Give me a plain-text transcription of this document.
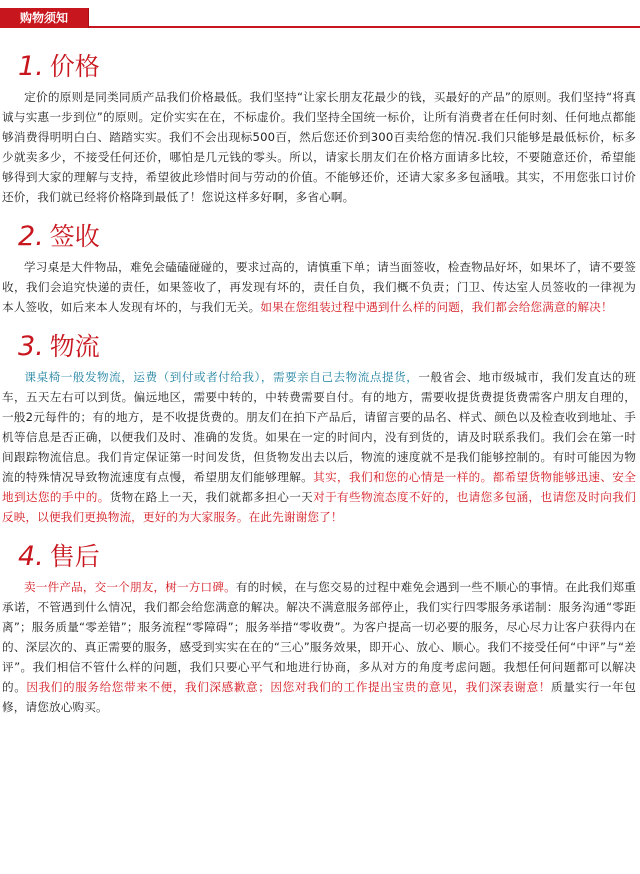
购物须知
1. 价格

定价的原则是同类同质产品我们价格最低。我们坚持“让家长朋友花最少的钱，买最好的产品”的原则。我们坚持“将真诚与实惠一步到位”的原则。定价实实在在，不标虚价。我们坚持全国统一标价，让所有消费者在任何时刻、任何地点都能够消费得明明白白、踏踏实实。我们不会出现标500百，然后您还价到300百卖给您的情况.我们只能够是最低标价，标多少就卖多少，不接受任何还价，哪怕是几元钱的零头。所以，请家长朋友们在价格方面请多比较，不要随意还价，希望能够得到大家的理解与支持，希望彼此珍惜时间与劳动的价值。不能够还价，还请大家多多包涵哦。其实，不用您张口讨价还价，我们就已经将价格降到最低了！您说这样多好啊，多省心啊。

2. 签收

学习桌是大件物品，难免会磕磕碰碰的，要求过高的，请慎重下单；请当面签收，检查物品好坏，如果坏了，请不要签收，我们会追究快递的责任，如果签收了，再发现有坏的，责任自负，我们概不负责；门卫、传达室人员签收的一律视为本人签收，如后来本人发现有坏的，与我们无关。如果在您组装过程中遇到什么样的问题，我们都会给您满意的解决！

3. 物流

课桌椅一般发物流，运费（到付或者付给我），需要亲自己去物流点提货，一般省会、地市级城市，我们发直达的班车，五天左右可以到货。偏远地区，需要中转的，中转费需要自付。有的地方，需要收提货费提货费需客户朋友自理的，一般2元每件的；有的地方，是不收提货费的。朋友们在拍下产品后，请留言要的品名、样式、颜色以及检查收到地址、手机等信息是否正确，以便我们及时、准确的发货。如果在一定的时间内，没有到货的，请及时联系我们。我们会在第一时间跟踪物流信息。我们肯定保证第一时间发货，但货物发出去以后，物流的速度就不是我们能够控制的。有时可能因为物流的特殊情况导致物流速度有点慢，希望朋友们能够理解。其实，我们和您的心情是一样的。都希望货物能够迅速、安全地到达您的手中的。货物在路上一天，我们就都多担心一天对于有些物流态度不好的，也请您多包涵，也请您及时向我们反映，以便我们更换物流，更好的为大家服务。在此先谢谢您了！

4. 售后

卖一件产品，交一个朋友，树一方口碑。有的时候，在与您交易的过程中难免会遇到一些不顺心的事情。在此我们郑重承诺，不管遇到什么情况，我们都会给您满意的解决。解决不满意服务部停止，我们实行四零服务承诺制：服务沟通“零距离”；服务质量“零差错”；服务流程“零障碍”；服务举措“零收费”。为客户提高一切必要的服务，尽心尽力让客户获得内在的、深层次的、真正需要的服务，感受到实实在在的“三心”服务效果，即开心、放心、顺心。我们不接受任何“中评”与“差评”。我们相信不管什么样的问题，我们只要心平气和地进行协商，多从对方的角度考虑问题。我想任何问题都可以解决的。因我们的服务给您带来不便，我们深感歉意；因您对我们的工作提出宝贵的意见，我们深表谢意！质量实行一年包修，请您放心购买。
